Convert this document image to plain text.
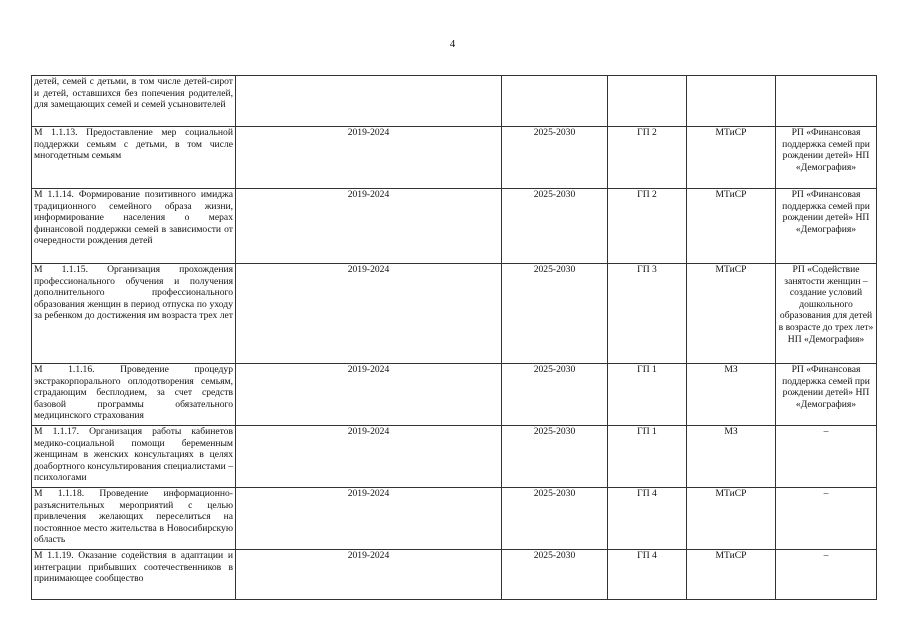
4
детей, семей с детьми, в том числе детей-сирот и детей, оставшихся без попечения родителей, для замещающих семей и семей усыновителей					
М 1.1.13. Предоставление мер социальной поддержки семьям с детьми, в том числе многодетным семьям	2019-2024	2025-2030	ГП 2	МТиСР	РП «Финансовая поддержка семей при рождении детей» НП «Демография»
М 1.1.14. Формирование позитивного имиджа традиционного семейного образа жизни, информирование населения о мерах финансовой поддержки семей в зависимости от очередности рождения детей	2019-2024	2025-2030	ГП 2	МТиСР	РП «Финансовая поддержка семей при рождении детей» НП «Демография»
М 1.1.15. Организация прохождения профессионального обучения и получения дополнительного профессионального образования женщин в период отпуска по уходу за ребенком до достижения им возраста трех лет	2019-2024	2025-2030	ГП 3	МТиСР	РП «Содействие занятости женщин – создание условий дошкольного образования для детей в возрасте до трех лет» НП «Демография»
М 1.1.16. Проведение процедур экстракорпорального оплодотворения семьям, страдающим бесплодием, за счет средств базовой программы обязательного медицинского страхования	2019-2024	2025-2030	ГП 1	МЗ	РП «Финансовая поддержка семей при рождении детей» НП «Демография»
М 1.1.17. Организация работы кабинетов медико-социальной помощи беременным женщинам в женских консультациях в целях доабортного консультирования специалистами – психологами	2019-2024	2025-2030	ГП 1	МЗ	–
М 1.1.18. Проведение информационно-разъяснительных мероприятий с целью привлечения желающих переселиться на постоянное место жительства в Новосибирскую область	2019-2024	2025-2030	ГП 4	МТиСР	–
М 1.1.19. Оказание содействия в адаптации и интеграции прибывших соотечественников в принимающее сообщество	2019-2024	2025-2030	ГП 4	МТиСР	–
